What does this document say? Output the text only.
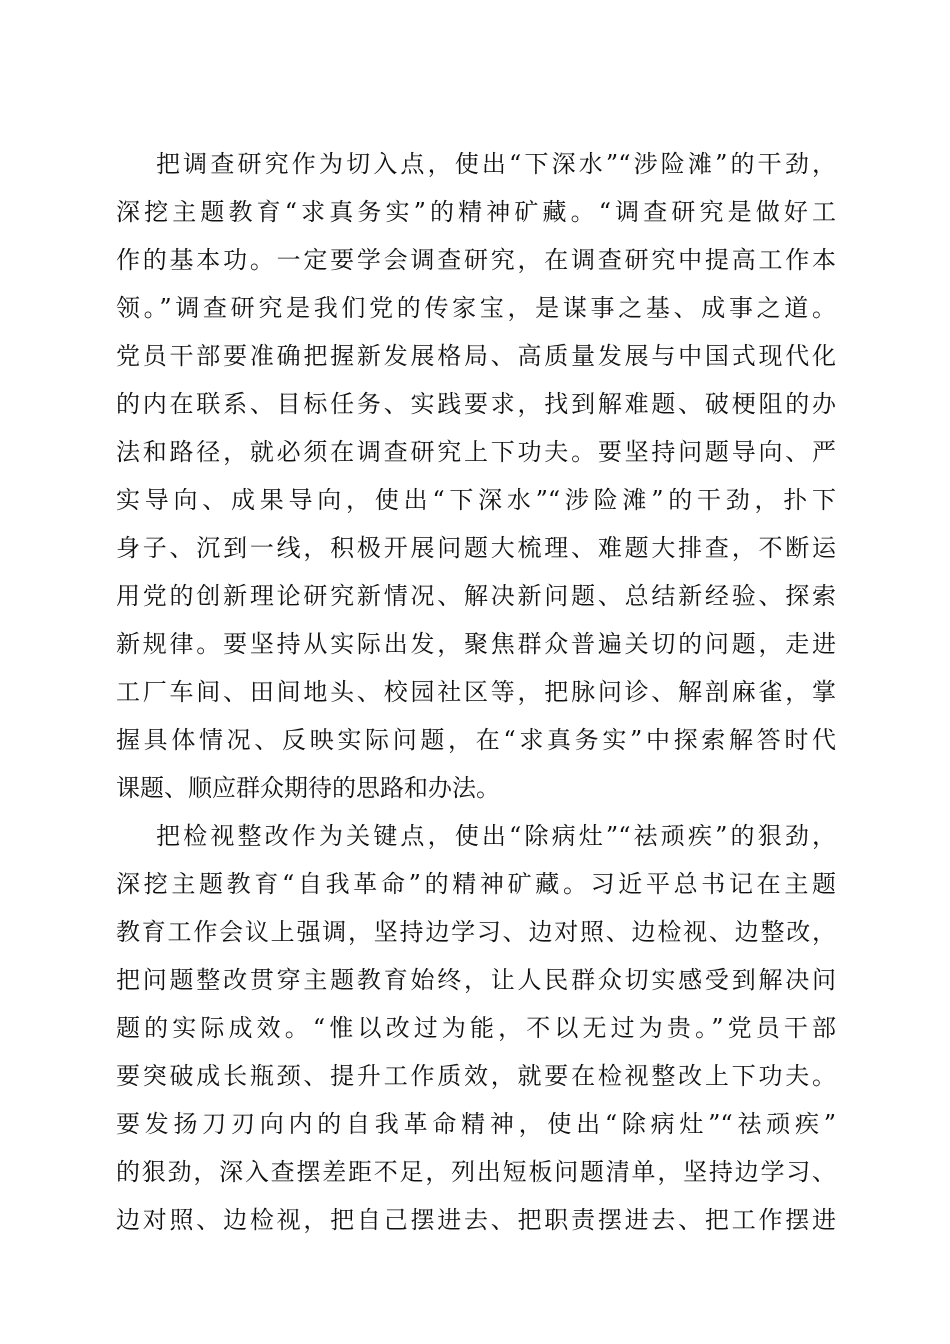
把调查研究作为切入点，使出“下深水”“涉险滩”的干劲，
深挖主题教育“求真务实”的精神矿藏。“调查研究是做好工
作的基本功。一定要学会调查研究，在调查研究中提高工作本
领。”调查研究是我们党的传家宝，是谋事之基、成事之道。
党员干部要准确把握新发展格局、高质量发展与中国式现代化
的内在联系、目标任务、实践要求，找到解难题、破梗阻的办
法和路径，就必须在调查研究上下功夫。要坚持问题导向、严
实导向、成果导向，使出“下深水”“涉险滩”的干劲，扑下
身子、沉到一线，积极开展问题大梳理、难题大排查，不断运
用党的创新理论研究新情况、解决新问题、总结新经验、探索
新规律。要坚持从实际出发，聚焦群众普遍关切的问题，走进
工厂车间、田间地头、校园社区等，把脉问诊、解剖麻雀，掌
握具体情况、反映实际问题，在“求真务实”中探索解答时代
课题、顺应群众期待的思路和办法。
把检视整改作为关键点，使出“除病灶”“祛顽疾”的狠劲，
深挖主题教育“自我革命”的精神矿藏。习近平总书记在主题
教育工作会议上强调，坚持边学习、边对照、边检视、边整改，
把问题整改贯穿主题教育始终，让人民群众切实感受到解决问
题的实际成效。“惟以改过为能，不以无过为贵。”党员干部
要突破成长瓶颈、提升工作质效，就要在检视整改上下功夫。
要发扬刀刃向内的自我革命精神，使出“除病灶”“祛顽疾”
的狠劲，深入查摆差距不足，列出短板问题清单，坚持边学习、
边对照、边检视，把自己摆进去、把职责摆进去、把工作摆进
